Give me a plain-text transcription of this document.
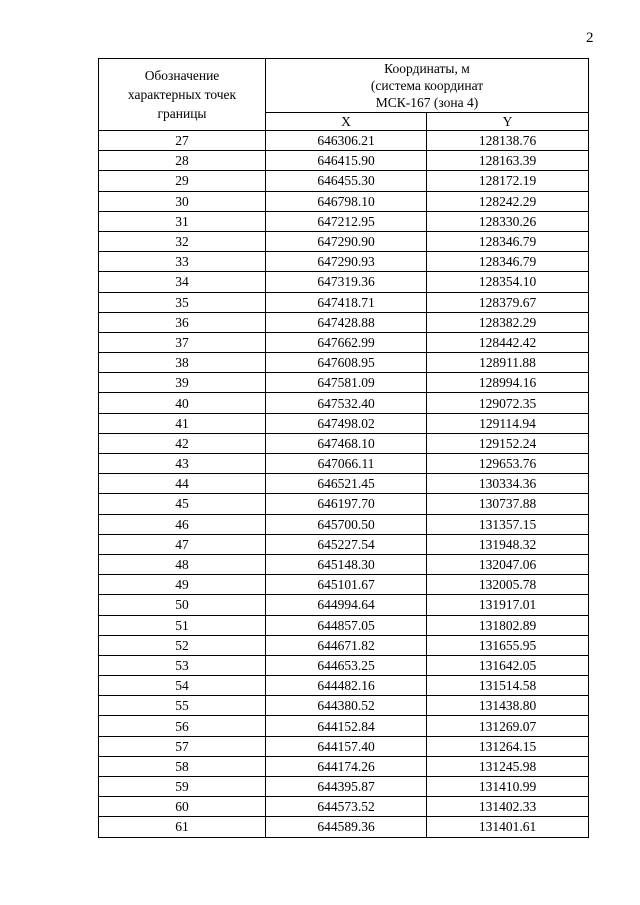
2
Обозначение
характерных точек
границы	Координаты, м
(система координат
МСК-167 (зона 4)	

	X	Y
27	646306.21	128138.76
28	646415.90	128163.39
29	646455.30	128172.19
30	646798.10	128242.29
31	647212.95	128330.26
32	647290.90	128346.79
33	647290.93	128346.79
34	647319.36	128354.10
35	647418.71	128379.67
36	647428.88	128382.29
37	647662.99	128442.42
38	647608.95	128911.88
39	647581.09	128994.16
40	647532.40	129072.35
41	647498.02	129114.94
42	647468.10	129152.24
43	647066.11	129653.76
44	646521.45	130334.36
45	646197.70	130737.88
46	645700.50	131357.15
47	645227.54	131948.32
48	645148.30	132047.06
49	645101.67	132005.78
50	644994.64	131917.01
51	644857.05	131802.89
52	644671.82	131655.95
53	644653.25	131642.05
54	644482.16	131514.58
55	644380.52	131438.80
56	644152.84	131269.07
57	644157.40	131264.15
58	644174.26	131245.98
59	644395.87	131410.99
60	644573.52	131402.33
61	644589.36	131401.61
